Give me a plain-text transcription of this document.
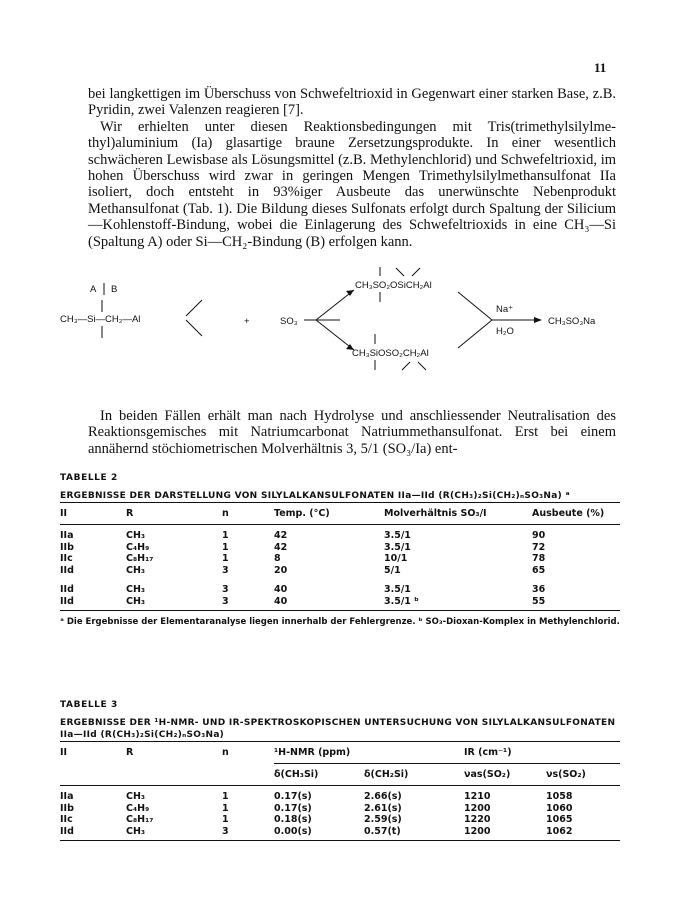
11

bei langkettigen im Überschuss von Schwefeltrioxid in Gegenwart einer starken Base, z.B. Pyridin, zwei Valenzen reagieren [7].

Wir erhielten unter diesen Reaktionsbedingungen mit Tris(trimethylsilylmethyl)aluminium (Ia) glasartige braune Zersetzungsprodukte. In einer wesentlich schwächeren Lewisbase als Lösungsmittel (z.B. Methylenchlorid) und Schwefeltrioxid, im hohen Überschuss wird zwar in geringen Mengen Trimethylsilylmethansulfonat IIa isoliert, doch entsteht in 93%iger Ausbeute das unerwünschte Nebenprodukt Methansulfonat (Tab. 1). Die Bildung dieses Sulfonats erfolgt durch Spaltung der Silicium—Kohlenstoff-Bindung, wobei die Einlagerung des Schwefeltrioxids in eine CH₃—Si (Spaltung A) oder Si—CH₂-Bindung (B) erfolgen kann.

A B
CH₃—Si—CH₂—Al	+	SO₃
CH₃SO₂OSiCH₂Al
CH₃SiOSO₂CH₂Al
Na⁺
H₂O
CH₃SO₃Na

In beiden Fällen erhält man nach Hydrolyse und anschliessender Neutralisation des Reaktionsgemisches mit Natriumcarbonat Natriummethansulfonat. Erst bei einem annähernd stöchiometrischen Molverhältnis 3, 5/1 (SO₃/Ia) ent-

TABELLE 2
ERGEBNISSE DER DARSTELLUNG VON SILYLALKANSULFONATEN IIa—IId (R(CH₃)₂Si(CH₂)ₙSO₃Na) ᵃ
II	R	n	Temp. (°C)	Molverhältnis SO₃/I	Ausbeute (%)
IIa	CH₃	1	42	3.5/1	90
IIb	C₄H₉	1	42	3.5/1	72
IIc	C₈H₁₇	1	8	10/1	78
IId	CH₃	3	20	5/1	65
IId	CH₃	3	40	3.5/1	36
IId	CH₃	3	40	3.5/1 ᵇ	55
ᵃ Die Ergebnisse der Elementaranalyse liegen innerhalb der Fehlergrenze. ᵇ SO₃-Dioxan-Komplex in Methylenchlorid.
TABELLE 3
ERGEBNISSE DER ¹H-NMR- UND IR-SPEKTROSKOPISCHEN UNTERSUCHUNG VON SILYLALKANSULFONATEN IIa—IId (R(CH₃)₂Si(CH₂)ₙSO₃Na)
II	R	n	¹H-NMR (ppm)		IR (cm⁻¹)	
			δ(CH₃Si)	δ(CH₂Si)	νas(SO₂)	νs(SO₂)
IIa	CH₃	1	0.17(s)	2.66(s)	1210	1058
IIb	C₄H₉	1	0.17(s)	2.61(s)	1200	1060
IIc	C₈H₁₇	1	0.18(s)	2.59(s)	1220	1065
IId	CH₃	3	0.00(s)	0.57(t)	1200	1062
